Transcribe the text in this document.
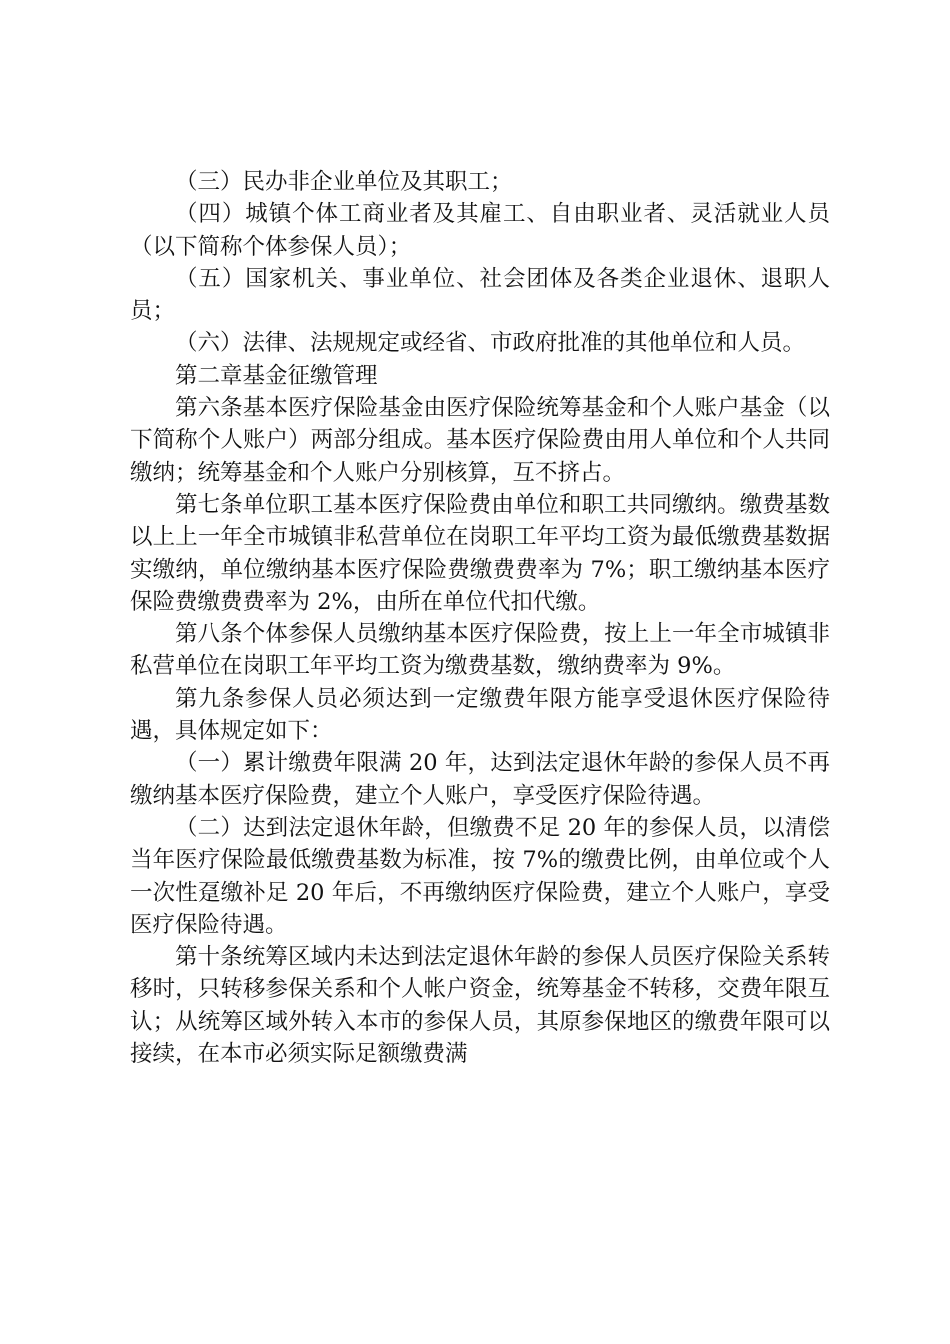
（三）民办非企业单位及其职工；

（四）城镇个体工商业者及其雇工、自由职业者、灵活就业人员（以下简称个体参保人员）；

（五）国家机关、事业单位、社会团体及各类企业退休、退职人员；

（六）法律、法规规定或经省、市政府批准的其他单位和人员。

第二章基金征缴管理

第六条基本医疗保险基金由医疗保险统筹基金和个人账户基金（以下简称个人账户）两部分组成。基本医疗保险费由用人单位和个人共同缴纳；统筹基金和个人账户分别核算，互不挤占。

第七条单位职工基本医疗保险费由单位和职工共同缴纳。缴费基数以上上一年全市城镇非私营单位在岗职工年平均工资为最低缴费基数据实缴纳，单位缴纳基本医疗保险费缴费费率为 7%；职工缴纳基本医疗保险费缴费费率为 2%，由所在单位代扣代缴。

第八条个体参保人员缴纳基本医疗保险费，按上上一年全市城镇非私营单位在岗职工年平均工资为缴费基数，缴纳费率为 9%。

第九条参保人员必须达到一定缴费年限方能享受退休医疗保险待遇，具体规定如下：

（一）累计缴费年限满 20 年，达到法定退休年龄的参保人员不再缴纳基本医疗保险费，建立个人账户，享受医疗保险待遇。

（二）达到法定退休年龄，但缴费不足 20 年的参保人员，以清偿当年医疗保险最低缴费基数为标准，按 7%的缴费比例，由单位或个人一次性趸缴补足 20 年后，不再缴纳医疗保险费，建立个人账户，享受医疗保险待遇。

第十条统筹区域内未达到法定退休年龄的参保人员医疗保险关系转移时，只转移参保关系和个人帐户资金，统筹基金不转移，交费年限互认；从统筹区域外转入本市的参保人员，其原参保地区的缴费年限可以接续，在本市必须实际足额缴费满
